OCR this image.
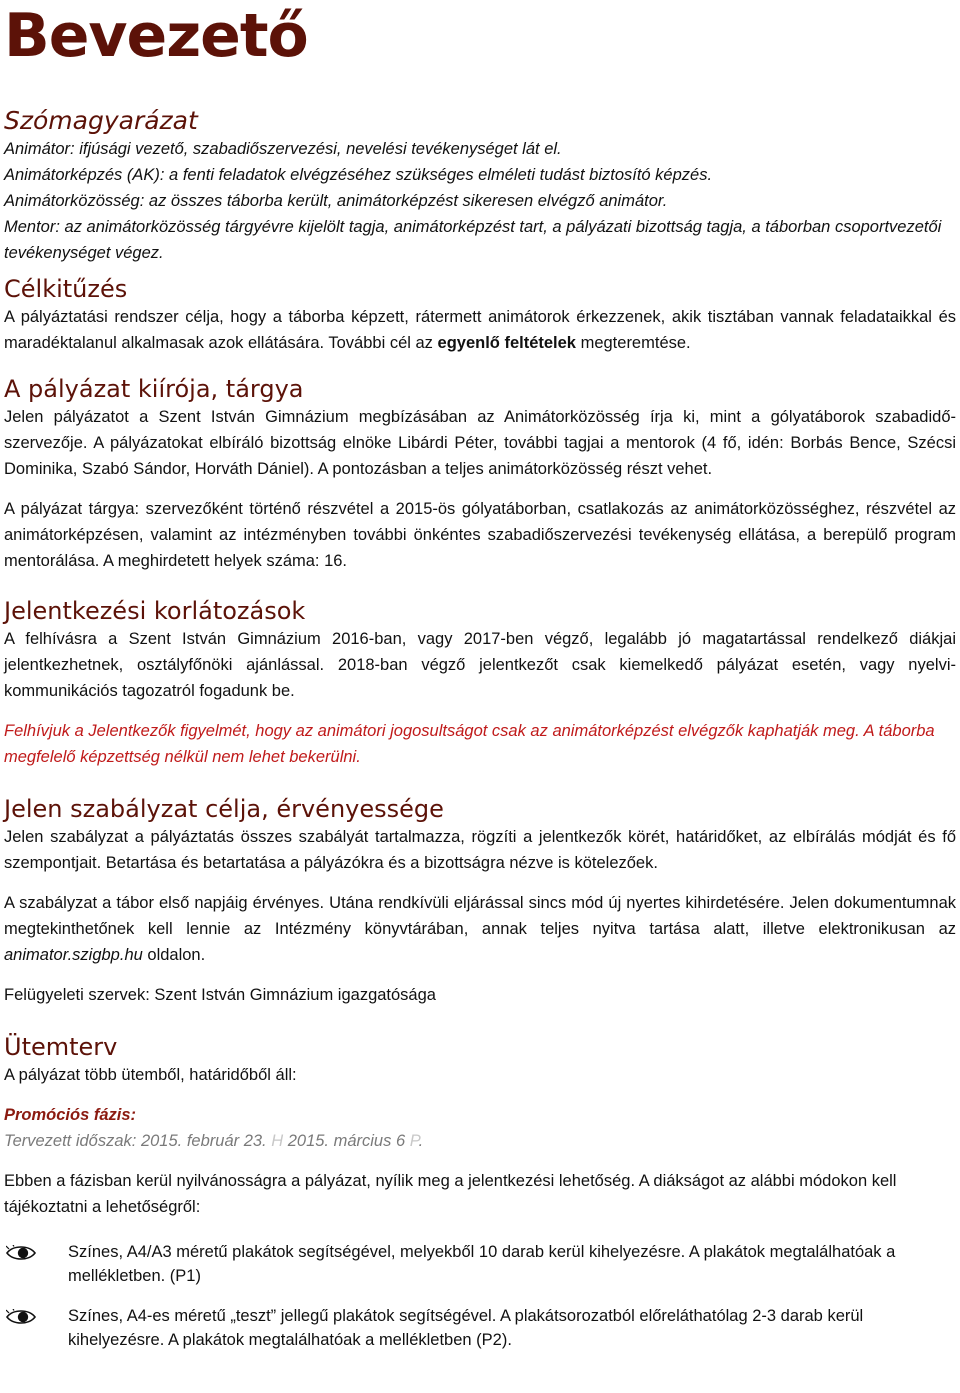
Bevezető
Szómagyarázat

Animátor: ifjúsági vezető, szabadiőszervezési, nevelési tevékenységet lát el.

Animátorképzés (AK): a fenti feladatok elvégzéséhez szükséges elméleti tudást biztosító képzés.

Animátorközösség: az összes táborba került, animátorképzést sikeresen elvégző animátor.

Mentor: az animátorközösség tárgyévre kijelölt tagja, animátorképzést tart, a pályázati bizottság tagja, a táborban csoportvezetői tevékenységet végez.

Célkitűzés

A pályáztatási rendszer célja, hogy a táborba képzett, rátermett animátorok érkezzenek, akik tisztában vannak feladataikkal és maradéktalanul alkalmasak azok ellátására. További cél az egyenlő feltételek megteremtése.

A pályázat kiírója, tárgya

Jelen pályázatot a Szent István Gimnázium megbízásában az Animátorközösség írja ki, mint a gólyatáborok szabadidő-szervezője. A pályázatokat elbíráló bizottság elnöke Libárdi Péter, további tagjai a mentorok (4 fő, idén: Borbás Bence, Szécsi Dominika, Szabó Sándor, Horváth Dániel). A pontozásban a teljes animátorközösség részt vehet.

A pályázat tárgya: szervezőként történő részvétel a 2015-ös gólyatáborban, csatlakozás az animátorközösséghez, részvétel az animátorképzésen, valamint az intézményben további önkéntes szabadiőszervezési tevékenység ellátása, a berepülő program mentorálása. A meghirdetett helyek száma: 16.

Jelentkezési korlátozások

A felhívásra a Szent István Gimnázium 2016-ban, vagy 2017-ben végző, legalább jó magatartással rendelkező diákjai jelentkezhetnek, osztályfőnöki ajánlással. 2018-ban végző jelentkezőt csak kiemelkedő pályázat esetén, vagy nyelvi-kommunikációs tagozatról fogadunk be.

Felhívjuk a Jelentkezők figyelmét, hogy az animátori jogosultságot csak az animátorképzést elvégzők kaphatják meg. A táborba megfelelő képzettség nélkül nem lehet bekerülni.

Jelen szabályzat célja, érvényessége

Jelen szabályzat a pályáztatás összes szabályát tartalmazza, rögzíti a jelentkezők körét, határidőket, az elbírálás módját és fő szempontjait. Betartása és betartatása a pályázókra és a bizottságra nézve is kötelezőek.

A szabályzat a tábor első napjáig érvényes. Utána rendkívüli eljárással sincs mód új nyertes kihirdetésére. Jelen dokumentumnak megtekinthetőnek kell lennie az Intézmény könyvtárában, annak teljes nyitva tartása alatt, illetve elektronikusan az animator.szigbp.hu oldalon.

Felügyeleti szervek: Szent István Gimnázium igazgatósága

Ütemterv

A pályázat több ütemből, határidőből áll:

Promóciós fázis:

Tervezett időszak: 2015. február 23. H 2015. március 6 P.

Ebben a fázisban kerül nyilvánosságra a pályázat, nyílik meg a jelentkezési lehetőség. A diákságot az alábbi módokon kell tájékoztatni a lehetőségről:

Színes, A4/A3 méretű plakátok segítségével, melyekből 10 darab kerül kihelyezésre. A plakátok megtalálhatóak a mellékletben. (P1)
Színes, A4-es méretű „teszt” jellegű plakátok segítségével. A plakátsorozatból előreláthatólag 2-3 darab kerül kihelyezésre. A plakátok megtalálhatóak a mellékletben (P2).
